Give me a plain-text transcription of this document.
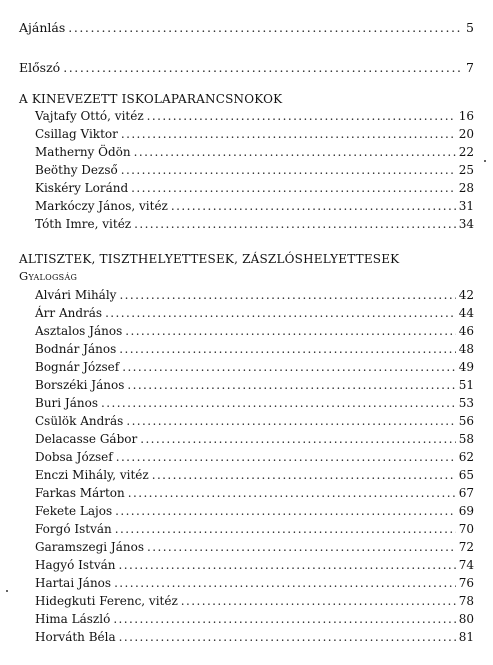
Ajánlás . . .	5
Előszó . . .	7
A KINEVEZETT ISKOLAPARANCSNOKOK
Vajtafy Ottó, vitéz . . .	16
Csillag Viktor . . .	20
Matherny Ödön . . .	22
Beöthy Dezső . . .	25
Kiskéry Loránd . . .	28
Markóczy János, vitéz . . .	31
Tóth Imre, vitéz . . .	34
ALTISZTEK, TISZTHELYETTESEK, ZÁSZLÓSHELYETTESEK
Gyalogság
Alvári Mihály . . .	42
Árr András . . .	44
Asztalos János . . .	46
Bodnár János . . .	48
Bognár József . . .	49
Borszéki János . . .	51
Buri János . . .	53
Csülök András . . .	56
Delacasse Gábor . . .	58
Dobsa József . . .	62
Enczi Mihály, vitéz . . .	65
Farkas Márton . . .	67
Fekete Lajos . . .	69
Forgó István . . .	70
Garamszegi János . . .	72
Hagyó István . . .	74
Hartai János . . .	76
Hidegkuti Ferenc, vitéz . . .	78
Hima László . . .	80
Horváth Béla . . .	81
